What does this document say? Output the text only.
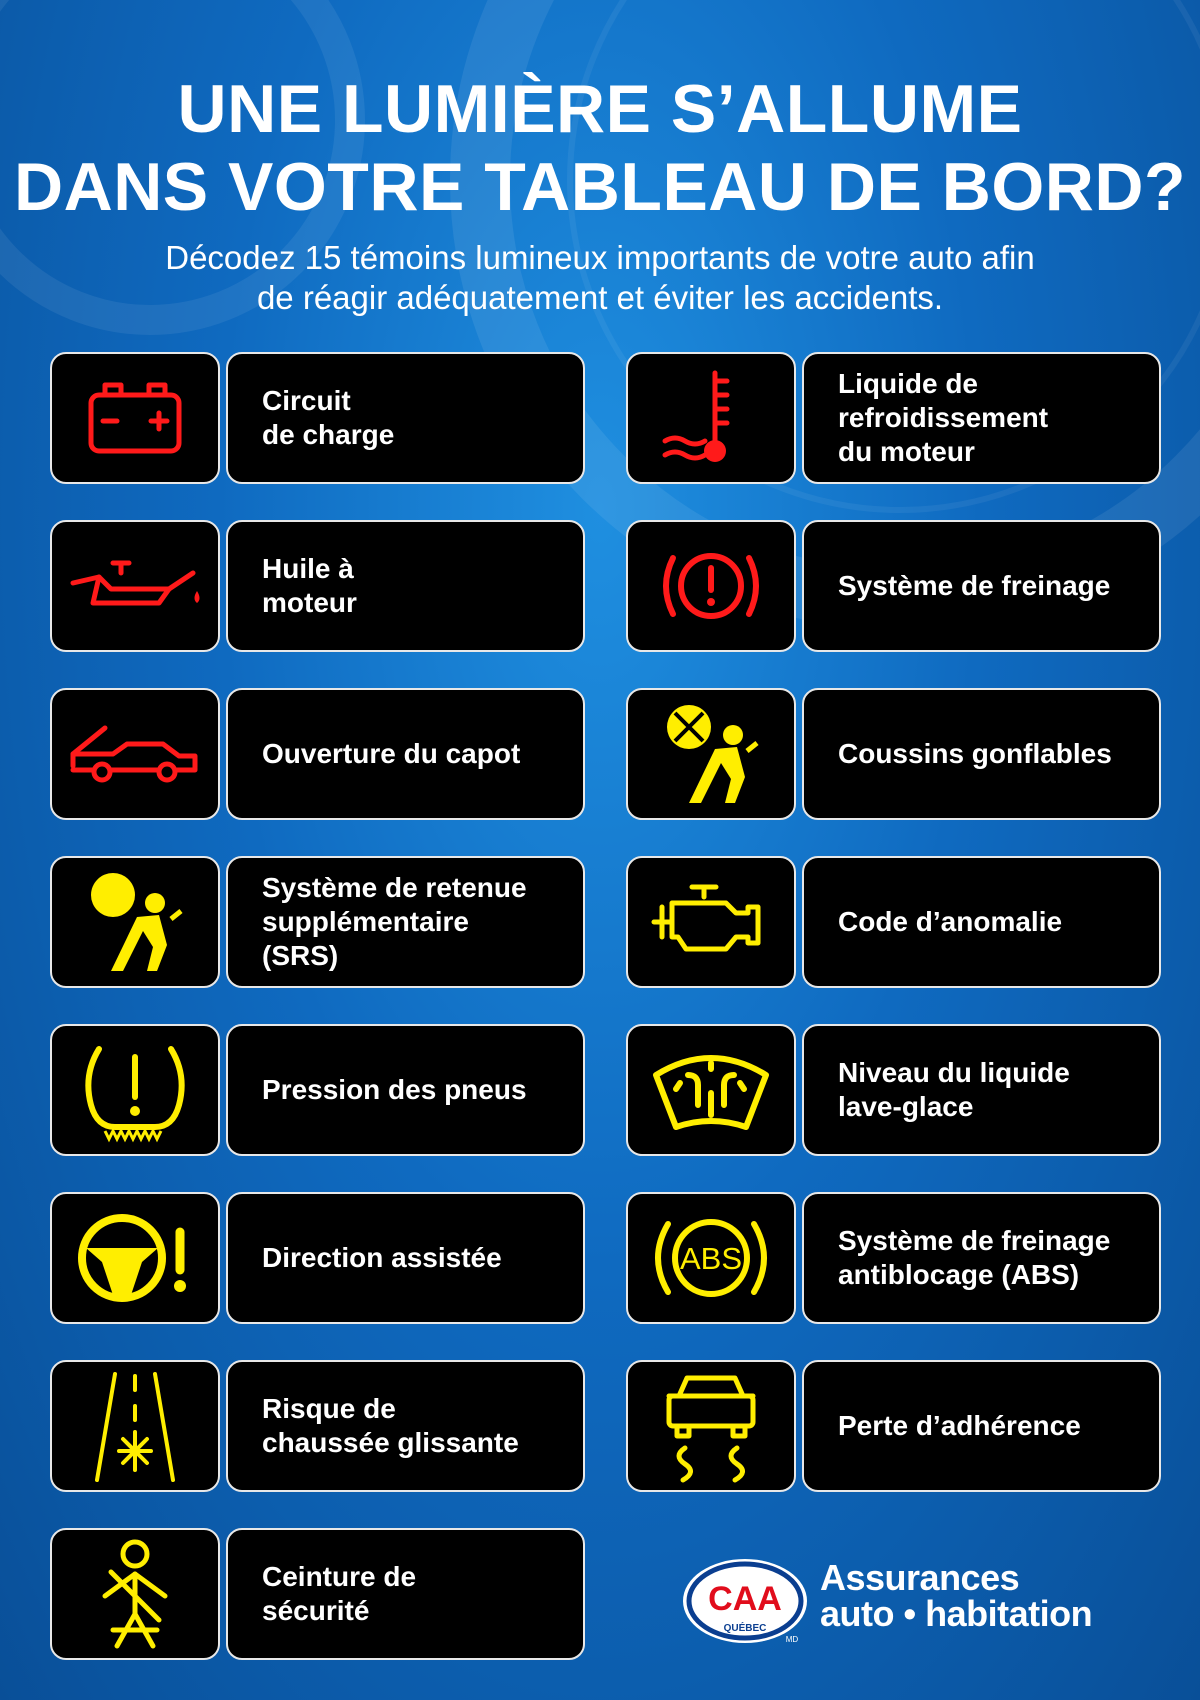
UNE LUMIÈRE S’ALLUME
DANS VOTRE TABLEAU DE BORD?

Décodez 15 témoins lumineux importants de votre auto afin
de réagir adéquatement et éviter les accidents.

Circuit
de charge
Liquide de
refroidissement
du moteur
Huile à
moteur
Système de freinage
Ouverture du capot	Coussins gonflables
Système de retenue
supplémentaire
(SRS)
Code d’anomalie
Pression des pneus
Niveau du liquide
lave-glace
Direction assistée	ABS
Système de freinage
antiblocage (ABS)
Risque de
chaussée glissante
Perte d’adhérence
Ceinture de
sécurité	CAA
QUÉBEC
MD
Assurances
auto • habitation
